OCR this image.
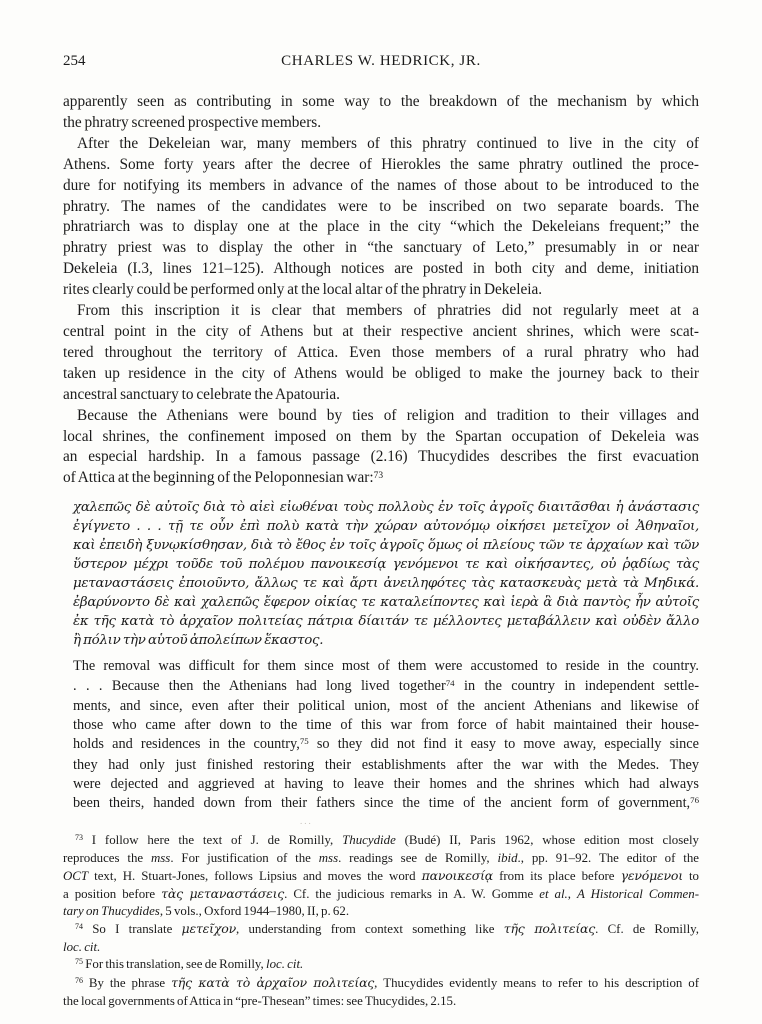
254	CHARLES W. HEDRICK, JR.
apparently seen as contributing in some way to the breakdown of the mechanism by which
the phratry screened prospective members.
After the Dekeleian war, many members of this phratry continued to live in the city of
Athens. Some forty years after the decree of Hierokles the same phratry outlined the proce-
dure for notifying its members in advance of the names of those about to be introduced to the
phratry. The names of the candidates were to be inscribed on two separate boards. The
phratriarch was to display one at the place in the city “which the Dekeleians frequent;” the
phratry priest was to display the other in “the sanctuary of Leto,” presumably in or near
Dekeleia (I.3, lines 121–125). Although notices are posted in both city and deme, initiation
rites clearly could be performed only at the local altar of the phratry in Dekeleia.
From this inscription it is clear that members of phratries did not regularly meet at a
central point in the city of Athens but at their respective ancient shrines, which were scat-
tered throughout the territory of Attica. Even those members of a rural phratry who had
taken up residence in the city of Athens would be obliged to make the journey back to their
ancestral sanctuary to celebrate the Apatouria.
Because the Athenians were bound by ties of religion and tradition to their villages and
local shrines, the confinement imposed on them by the Spartan occupation of Dekeleia was
an especial hardship. In a famous passage (2.16) Thucydides describes the first evacuation
of Attica at the beginning of the Peloponnesian war:$^{73}$
χαλεπῶς δὲ αὐτοῖς διὰ τὸ αἰεὶ εἰωθέναι τοὺς πολλοὺς ἐν τοῖς ἀγροῖς διαιτᾶσθαι ἡ ἀνάστασις
ἐγίγνετο . . . τῇ τε οὖν ἐπὶ πολὺ κατὰ τὴν χώραν αὐτονόμῳ οἰκήσει μετεῖχον οἱ Ἀθηναῖοι,
καὶ ἐπειδὴ ξυνῳκίσθησαν, διὰ τὸ ἔθος ἐν τοῖς ἀγροῖς ὅμως οἱ πλείους τῶν τε ἀρχαίων καὶ τῶν
ὕστερον μέχρι τοῦδε τοῦ πολέμου πανοικεσίᾳ γενόμενοι τε καὶ οἰκήσαντες, οὐ ῥᾳδίως τὰς
μεταναστάσεις ἐποιοῦντο, ἄλλως τε καὶ ἄρτι ἀνειληφότες τὰς κατασκευὰς μετὰ τὰ Μηδικά.
ἐβαρύνοντο δὲ καὶ χαλεπῶς ἔφερον οἰκίας τε καταλείποντες καὶ ἱερὰ ἃ διὰ παντὸς ἦν αὐτοῖς
ἐκ τῆς κατὰ τὸ ἀρχαῖον πολιτείας πάτρια δίαιτάν τε μέλλοντες μεταβάλλειν καὶ οὐδὲν ἄλλο
ἢ πόλιν τὴν αὑτοῦ ἀπολείπων ἕκαστος.
The removal was difficult for them since most of them were accustomed to reside in the country.
. . . Because then the Athenians had long lived together$^{74}$ in the country in independent settle-
ments, and since, even after their political union, most of the ancient Athenians and likewise of
those who came after down to the time of this war from force of habit maintained their house-
holds and residences in the country,$^{75}$ so they did not find it easy to move away, especially since
they had only just finished restoring their establishments after the war with the Medes. They
were dejected and aggrieved at having to leave their homes and the shrines which had always
been theirs, handed down from their fathers since the time of the ancient form of government,$^{76}$
...
$^{73}$ I follow here the text of J. de Romilly, Thucydide (Budé) II, Paris 1962, whose edition most closely
reproduces the mss. For justification of the mss. readings see de Romilly, ibid., pp. 91–92. The editor of the
OCT text, H. Stuart-Jones, follows Lipsius and moves the word πανοικεσίᾳ from its place before γενόμενοι to
a position before τὰς μεταναστάσεις. Cf. the judicious remarks in A. W. Gomme et al., A Historical Commen-
tary on Thucydides, 5 vols., Oxford 1944–1980, II, p. 62.
$^{74}$ So I translate μετεῖχον, understanding from context something like τῆς πολιτείας. Cf. de Romilly,
loc. cit.
$^{75}$ For this translation, see de Romilly, loc. cit.
$^{76}$ By the phrase τῆς κατὰ τὸ ἀρχαῖον πολιτείας, Thucydides evidently means to refer to his description of
the local governments of Attica in “pre-Thesean” times: see Thucydides, 2.15.
